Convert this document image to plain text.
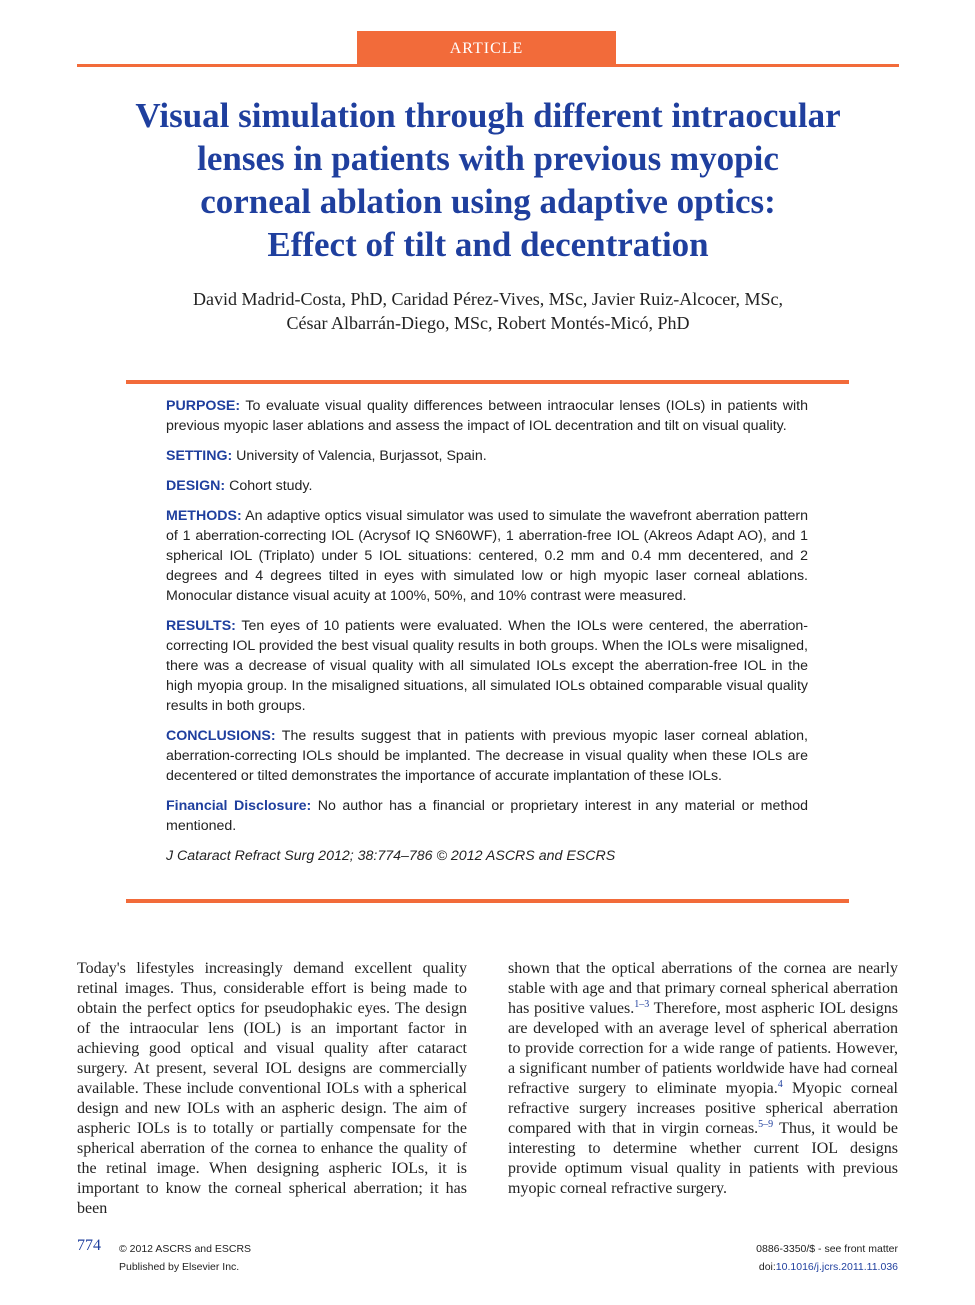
ARTICLE
Visual simulation through different intraocular
lenses in patients with previous myopic
corneal ablation using adaptive optics:
Effect of tilt and decentration
David Madrid-Costa, PhD, Caridad Pérez-Vives, MSc, Javier Ruiz-Alcocer, MSc,
César Albarrán-Diego, MSc, Robert Montés-Micó, PhD

PURPOSE: To evaluate visual quality differences between intraocular lenses (IOLs) in patients with previous myopic laser ablations and assess the impact of IOL decentration and tilt on visual quality.

SETTING: University of Valencia, Burjassot, Spain.

DESIGN: Cohort study.

METHODS: An adaptive optics visual simulator was used to simulate the wavefront aberration pattern of 1 aberration-correcting IOL (Acrysof IQ SN60WF), 1 aberration-free IOL (Akreos Adapt AO), and 1 spherical IOL (Triplato) under 5 IOL situations: centered, 0.2 mm and 0.4 mm decentered, and 2 degrees and 4 degrees tilted in eyes with simulated low or high myopic laser corneal ablations. Monocular distance visual acuity at 100%, 50%, and 10% contrast were measured.

RESULTS: Ten eyes of 10 patients were evaluated. When the IOLs were centered, the aberration-correcting IOL provided the best visual quality results in both groups. When the IOLs were misaligned, there was a decrease of visual quality with all simulated IOLs except the aberration-free IOL in the high myopia group. In the misaligned situations, all simulated IOLs obtained comparable visual quality results in both groups.

CONCLUSIONS: The results suggest that in patients with previous myopic laser corneal ablation, aberration-correcting IOLs should be implanted. The decrease in visual quality when these IOLs are decentered or tilted demonstrates the importance of accurate implantation of these IOLs.

Financial Disclosure: No author has a financial or proprietary interest in any material or method mentioned.

J Cataract Refract Surg 2012; 38:774–786 © 2012 ASCRS and ESCRS

Today's lifestyles increasingly demand excellent quality retinal images. Thus, considerable effort is being made to obtain the perfect optics for pseudophakic eyes. The design of the intraocular lens (IOL) is an important factor in achieving good optical and visual quality after cataract surgery. At present, several IOL designs are commercially available. These include conventional IOLs with a spherical design and new IOLs with an aspheric design. The aim of aspheric IOLs is to totally or partially compensate for the spherical aberration of the cornea to enhance the quality of the retinal image. When designing aspheric IOLs, it is important to know the corneal spherical aberration; it has been

shown that the optical aberrations of the cornea are nearly stable with age and that primary corneal spherical aberration has positive values.$^{1-3}$ Therefore, most aspheric IOL designs are developed with an average level of spherical aberration to provide correction for a wide range of patients. However, a significant number of patients worldwide have had corneal refractive surgery to eliminate myopia.$^4$ Myopic corneal refractive surgery increases positive spherical aberration compared with that in virgin corneas.$^{5-9}$ Thus, it would be interesting to determine whether current IOL designs provide optimum visual quality in patients with previous myopic corneal refractive surgery.

774 © 2012 ASCRS and ESCRS
Published by Elsevier Inc.
0886-3350/$ - see front matter
doi:10.1016/j.jcrs.2011.11.036
